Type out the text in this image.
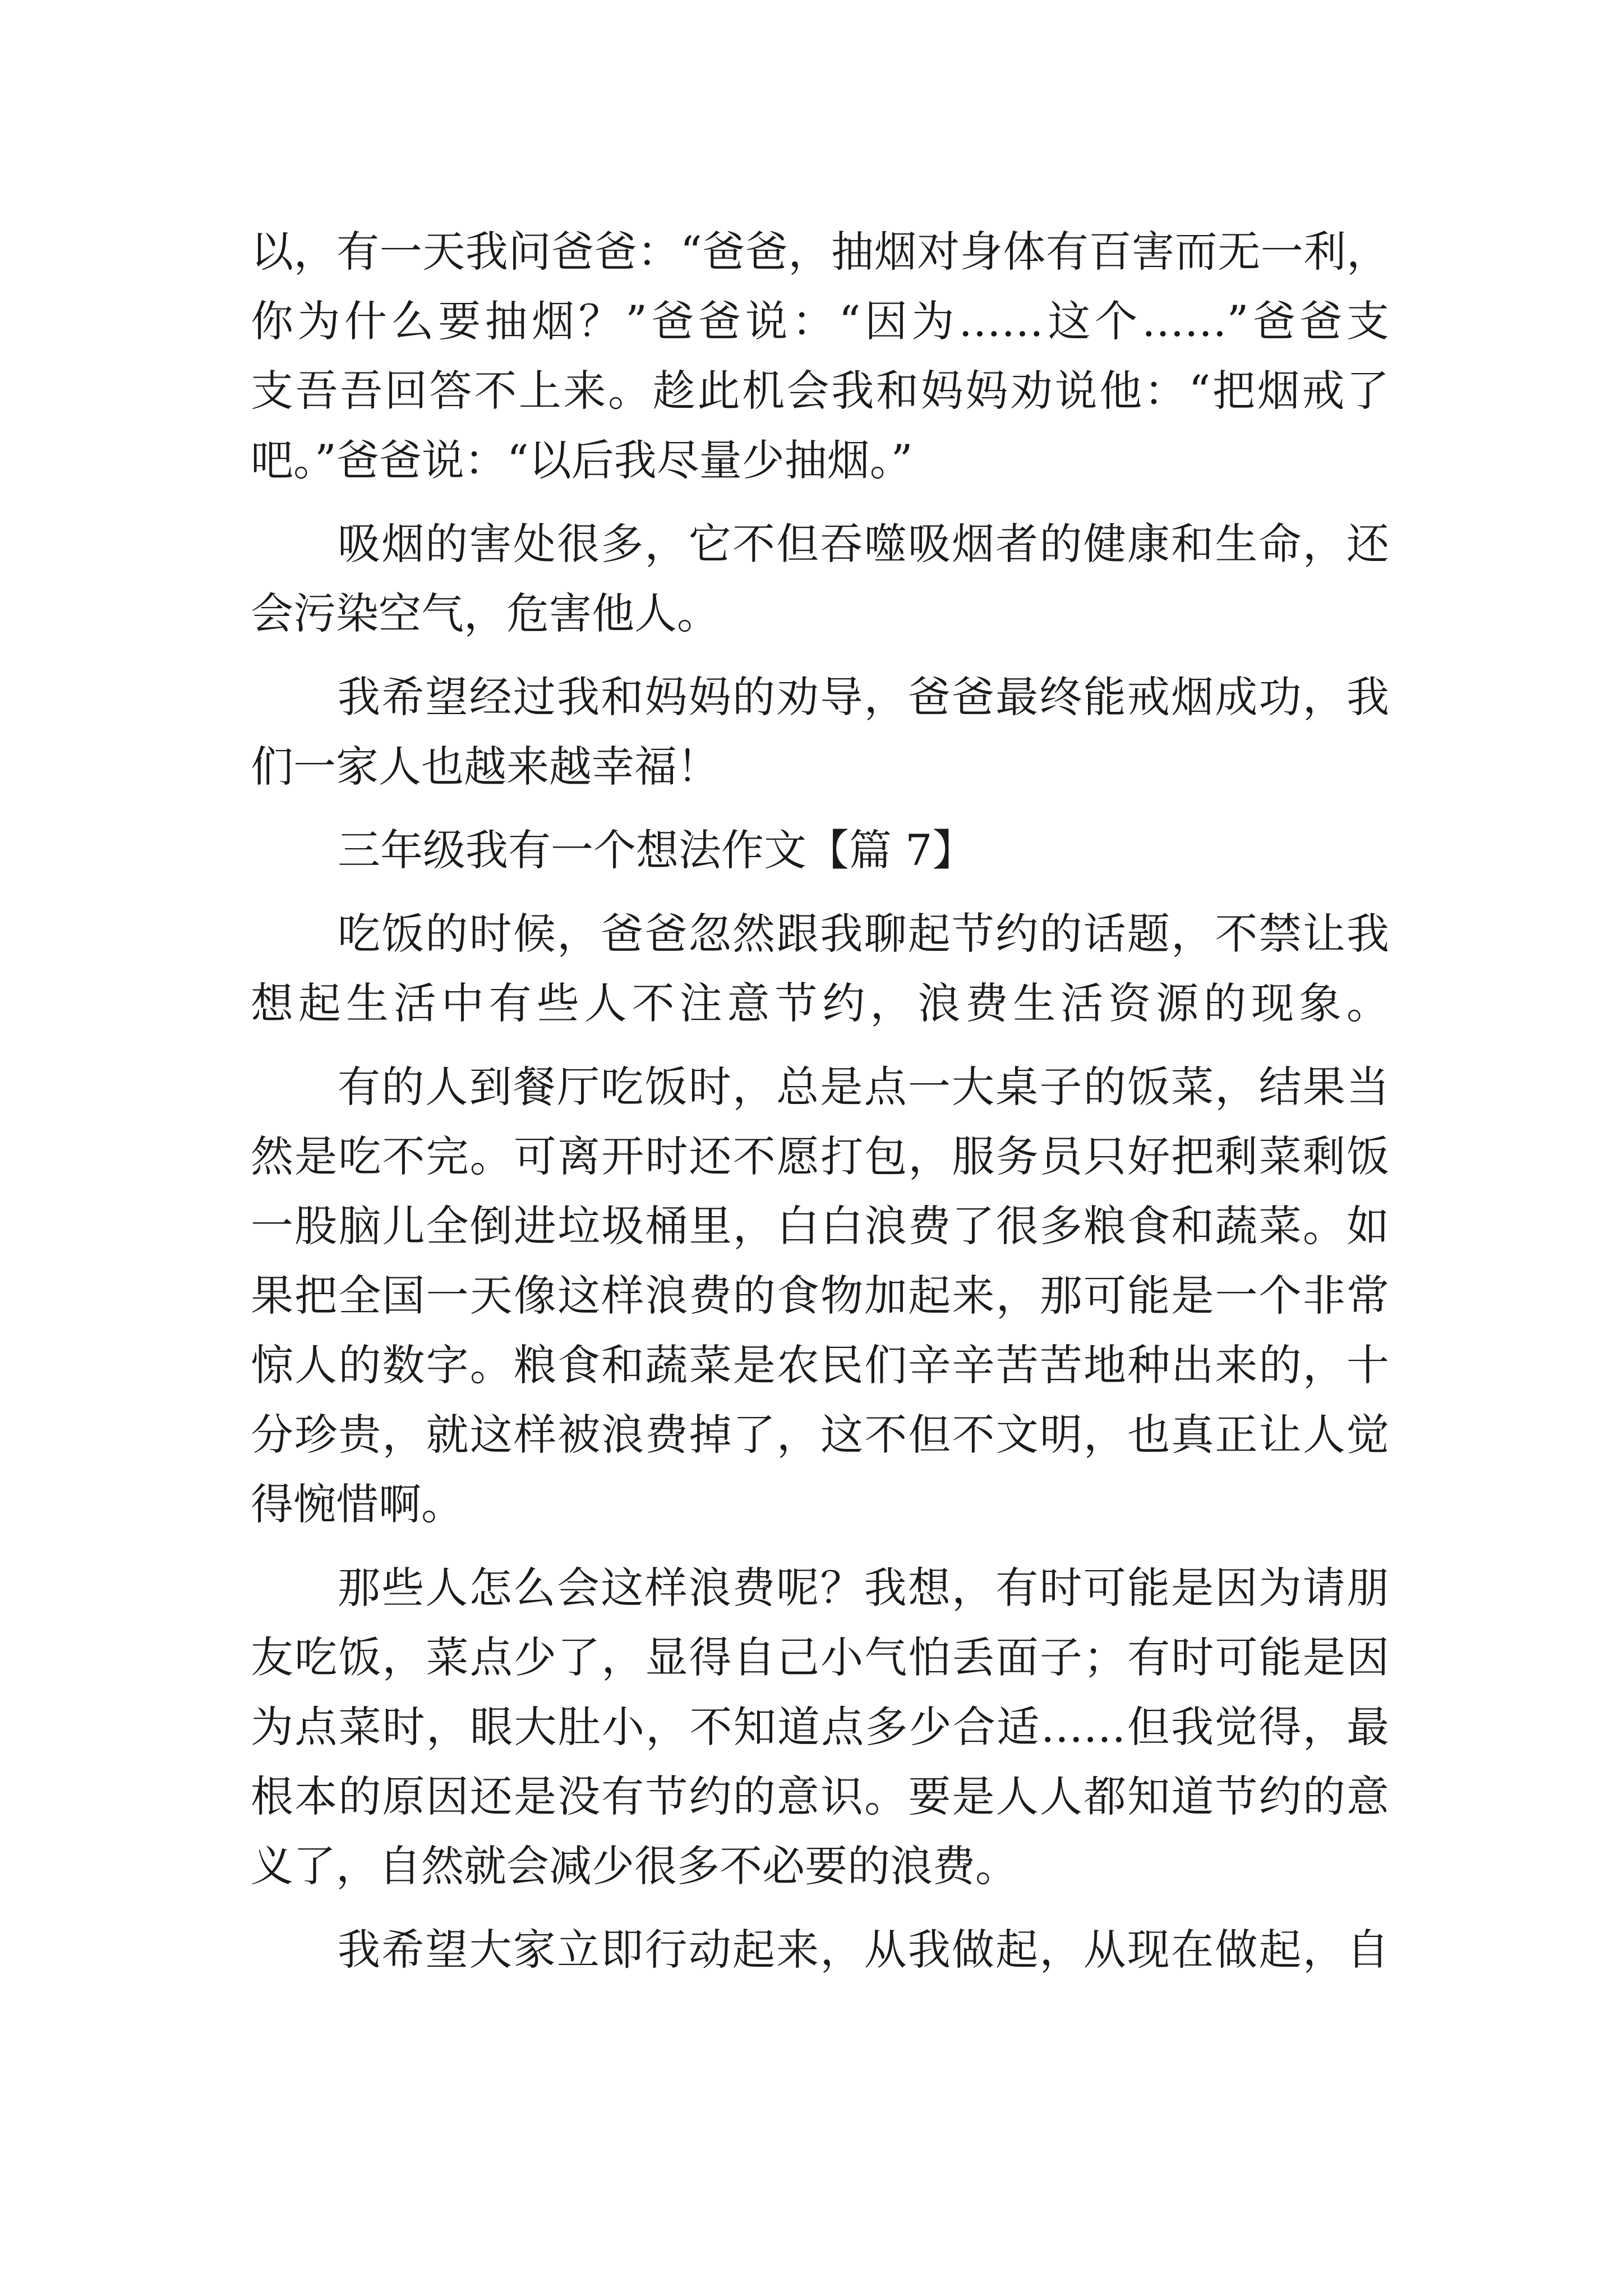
以，有一天我问爸爸：“爸爸，抽烟对身体有百害而无一利，
你为什么要抽烟？”爸爸说：“因为……这个……”爸爸支
支吾吾回答不上来。趁此机会我和妈妈劝说他：“把烟戒了
吧。”爸爸说：“以后我尽量少抽烟。”
吸烟的害处很多，它不但吞噬吸烟者的健康和生命，还
会污染空气，危害他人。
我希望经过我和妈妈的劝导，爸爸最终能戒烟成功，我
们一家人也越来越幸福！
三年级我有一个想法作文【篇 7】
吃饭的时候，爸爸忽然跟我聊起节约的话题，不禁让我
想起生活中有些人不注意节约，浪费生活资源的现象。
有的人到餐厅吃饭时，总是点一大桌子的饭菜，结果当
然是吃不完。可离开时还不愿打包，服务员只好把剩菜剩饭
一股脑儿全倒进垃圾桶里，白白浪费了很多粮食和蔬菜。如
果把全国一天像这样浪费的食物加起来，那可能是一个非常
惊人的数字。粮食和蔬菜是农民们辛辛苦苦地种出来的，十
分珍贵，就这样被浪费掉了，这不但不文明，也真正让人觉
得惋惜啊。
那些人怎么会这样浪费呢？我想，有时可能是因为请朋
友吃饭，菜点少了，显得自己小气怕丢面子；有时可能是因
为点菜时，眼大肚小，不知道点多少合适……但我觉得，最
根本的原因还是没有节约的意识。要是人人都知道节约的意
义了，自然就会减少很多不必要的浪费。
我希望大家立即行动起来，从我做起，从现在做起，自
